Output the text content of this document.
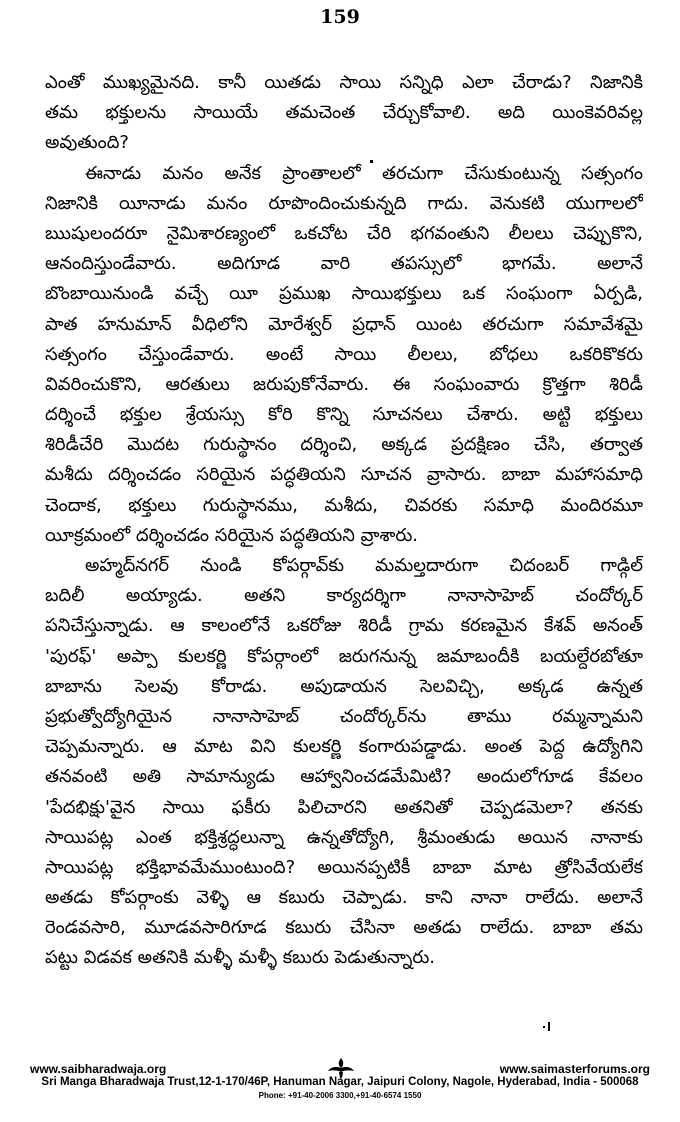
159
ఎంతో ముఖ్యమైనది. కానీ యితడు సాయి సన్నిధి ఎలా చేరాడు? నిజానికి
తమ భక్తులను సాయియే తమచెంత చేర్చుకోవాలి. అది యింకెవరివల్ల
అవుతుంది?
ఈనాడు మనం అనేక ప్రాంతాలలో తరచుగా చేసుకుంటున్న సత్సంగం
నిజానికి యీనాడు మనం రూపొందించుకున్నది గాదు. వెనుకటి యుగాలలో
ఋషులందరూ నైమిశారణ్యంలో ఒకచోట చేరి భగవంతుని లీలలు చెప్పుకొని,
ఆనందిస్తుండేవారు. అదిగూడ వారి తపస్సులో భాగమే. అలానే
బొంబాయినుండి వచ్చే యీ ప్రముఖ సాయిభక్తులు ఒక సంఘంగా ఏర్పడి,
పాత హనుమాన్ వీధిలోని మోరేశ్వర్ ప్రధాన్ యింట తరచుగా సమావేశమై
సత్సంగం చేస్తుండేవారు. అంటే సాయి లీలలు, బోధలు ఒకరికొకరు
వివరించుకొని, ఆరతులు జరుపుకోనేవారు. ఈ సంఘంవారు క్రొత్తగా శిరిడీ
దర్శించే భక్తుల శ్రేయస్సు కోరి కొన్ని సూచనలు చేశారు. అట్టి భక్తులు
శిరిడీచేరి మొదట గురుస్థానం దర్శించి, అక్కడ ప్రదక్షిణం చేసి, తర్వాత
మశీదు దర్శించడం సరియైన పద్ధతియని సూచన వ్రాసారు. బాబా మహాసమాధి
చెందాక, భక్తులు గురుస్థానము, మశీదు, చివరకు సమాధి మందిరమూ
యీక్రమంలో దర్శించడం సరియైన పద్ధతియని వ్రాశారు.
అహ్మద్‌నగర్ నుండి కోపర్గావ్‌కు మమల్తదారుగా చిదంబర్ గాడ్గిల్
బదిలీ అయ్యాడు. అతని కార్యదర్శిగా నానాసాహెబ్ చందోర్కర్
పనిచేస్తున్నాడు. ఆ కాలంలోనే ఒకరోజు శిరిడీ గ్రామ కరణమైన కేశవ్ అనంత్
'పురఫ్' అప్పా కులకర్ణి కోపర్గాంలో జరుగనున్న జమాబందీకి బయల్దేరబోతూ
బాబాను సెలవు కోరాడు. అపుడాయన సెలవిచ్చి, అక్కడ ఉన్నత
ప్రభుత్వోద్యోగియైన నానాసాహెబ్ చందోర్కర్‌ను తాము రమ్మన్నామని
చెప్పమన్నారు. ఆ మాట విని కులకర్ణి కంగారుపడ్డాడు. అంత పెద్ద ఉద్యోగిని
తనవంటి అతి సామాన్యుడు ఆహ్వానించడమేమిటి? అందులోగూడ కేవలం
'పేదభిక్షు'వైన సాయి ఫకీరు పిలిచారని అతనితో చెప్పడమెలా? తనకు
సాయిపట్ల ఎంత భక్తిశ్రద్ధలున్నా ఉన్నతోద్యోగి, శ్రీమంతుడు అయిన నానాకు
సాయిపట్ల భక్తిభావమేముంటుంది? అయినప్పటికీ బాబా మాట త్రోసివేయలేక
అతడు కోపర్గాంకు వెళ్ళి ఆ కబురు చెప్పాడు. కాని నానా రాలేదు. అలానే
రెండవసారి, మూడవసారిగూడ కబురు చేసినా అతడు రాలేదు. బాబా తమ
పట్టు విడవక అతనికి మళ్ళీ మళ్ళీ కబురు పెడుతున్నారు.
www.saibharadwaja.org	www.saimasterforums.org
Sri Manga Bharadwaja Trust,12-1-170/46P, Hanuman Nagar, Jaipuri Colony, Nagole, Hyderabad, India - 500068
Phone: +91-40-2006 3300,+91-40-6574 1550
